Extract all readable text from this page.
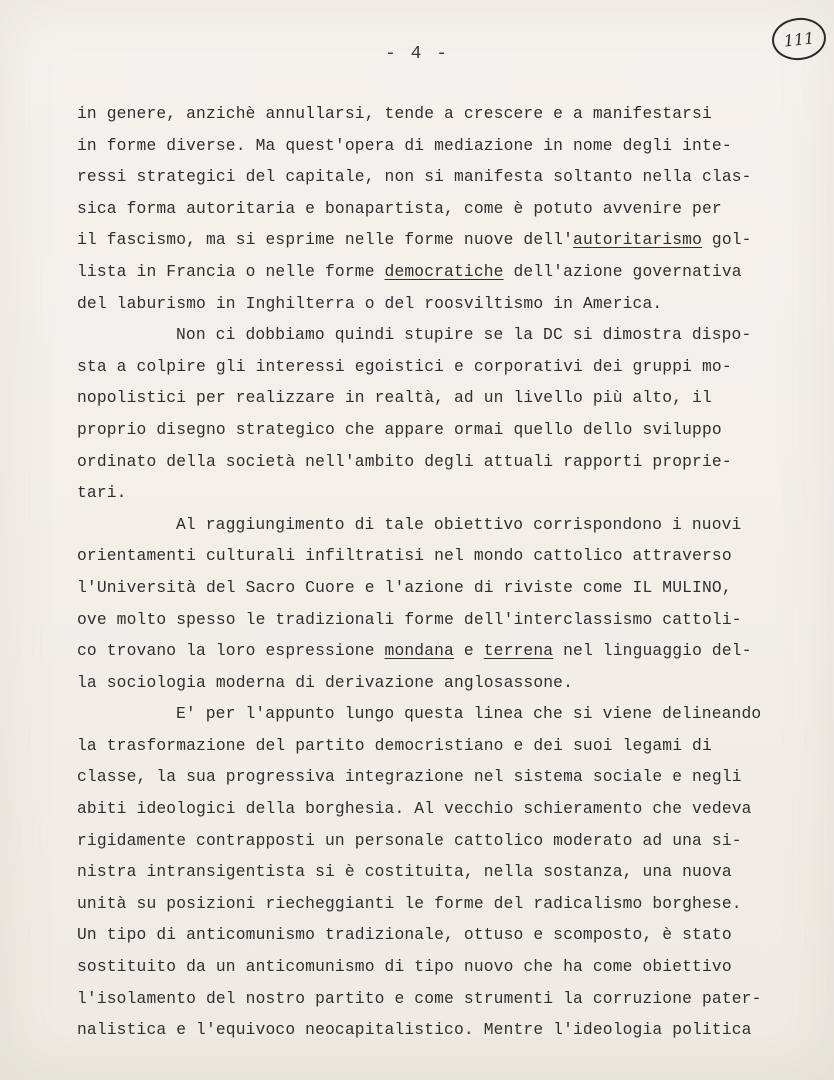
- 4 -
111
in genere, anzichè annullarsi, tende a crescere e a manifestarsi
in forme diverse. Ma quest'opera di mediazione in nome degli inte-
ressi strategici del capitale, non si manifesta soltanto nella clas-
sica forma autoritaria e bonapartista, come è potuto avvenire per
il fascismo, ma si esprime nelle forme nuove dell'autoritarismo gol-
lista in Francia o nelle forme democratiche dell'azione governativa
del laburismo in Inghilterra o del roosviltismo in America.
Non ci dobbiamo quindi stupire se la DC si dimostra dispo-
sta a colpire gli interessi egoistici e corporativi dei gruppi mo-
nopolistici per realizzare in realtà, ad un livello più alto, il
proprio disegno strategico che appare ormai quello dello sviluppo
ordinato della società nell'ambito degli attuali rapporti proprie-
tari.
Al raggiungimento di tale obiettivo corrispondono i nuovi
orientamenti culturali infiltratisi nel mondo cattolico attraverso
l'Università del Sacro Cuore e l'azione di riviste come IL MULINO,
ove molto spesso le tradizionali forme dell'interclassismo cattoli-
co trovano la loro espressione mondana e terrena nel linguaggio del-
la sociologia moderna di derivazione anglosassone.
E' per l'appunto lungo questa linea che si viene delineando
la trasformazione del partito democristiano e dei suoi legami di
classe, la sua progressiva integrazione nel sistema sociale e negli
abiti ideologici della borghesia. Al vecchio schieramento che vedeva
rigidamente contrapposti un personale cattolico moderato ad una si-
nistra intransigentista si è costituita, nella sostanza, una nuova
unità su posizioni riecheggianti le forme del radicalismo borghese.
Un tipo di anticomunismo tradizionale, ottuso e scomposto, è stato
sostituito da un anticomunismo di tipo nuovo che ha come obiettivo
l'isolamento del nostro partito e come strumenti la corruzione pater-
nalistica e l'equivoco neocapitalistico. Mentre l'ideologia politica
